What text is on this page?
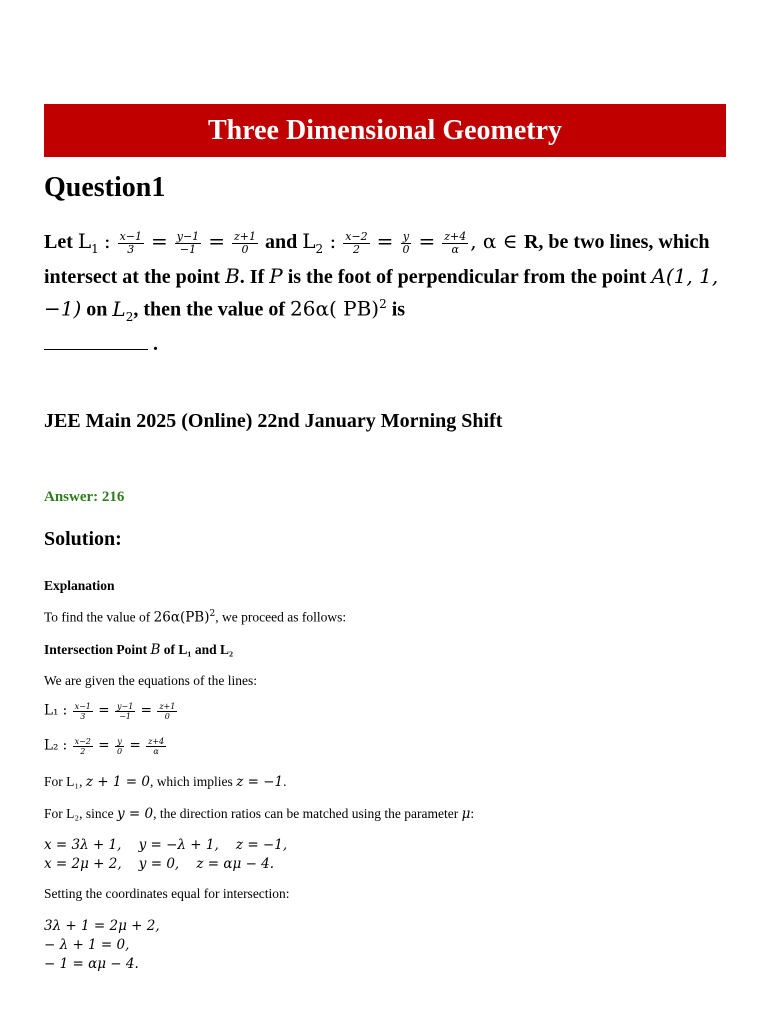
Three Dimensional Geometry
Question1

Let $L_1$ : $\frac{x-1}{3} = \frac{y-1}{-1} = \frac{z+1}{0}$ and $L_2$ : $\frac{x-2}{2} = \frac{y}{0} = \frac{z+4}{\alpha}$ , α ∈ R, be two lines, which intersect at the point B. If P is the foot of perpendicular from the point A(1, 1, −1) on $L_2$, then the value of 26α( PB)$^2$ is
.

JEE Main 2025 (Online) 22nd January Morning Shift
Answer: 216
Solution:
Explanation
To find the value of 26α(PB)$^2$, we proceed as follows:
Intersection Point B of L₁ and L₂
We are given the equations of the lines:
L₁ : $\frac{x-1}{3} = \frac{y-1}{-1} = \frac{z+1}{0}$
L₂ : $\frac{x-2}{2} = \frac{y}{0} = \frac{z+4}{\alpha}$
For L₁, z + 1 = 0, which implies z = −1.
For L₂, since y = 0, the direction ratios can be matched using the parameter μ:
x = 3λ + 1,    y = −λ + 1,    z = −1,
x = 2μ + 2,    y = 0,    z = αμ − 4.
Setting the coordinates equal for intersection:
3λ + 1 = 2μ + 2,
− λ + 1 = 0,
− 1 = αμ − 4.
